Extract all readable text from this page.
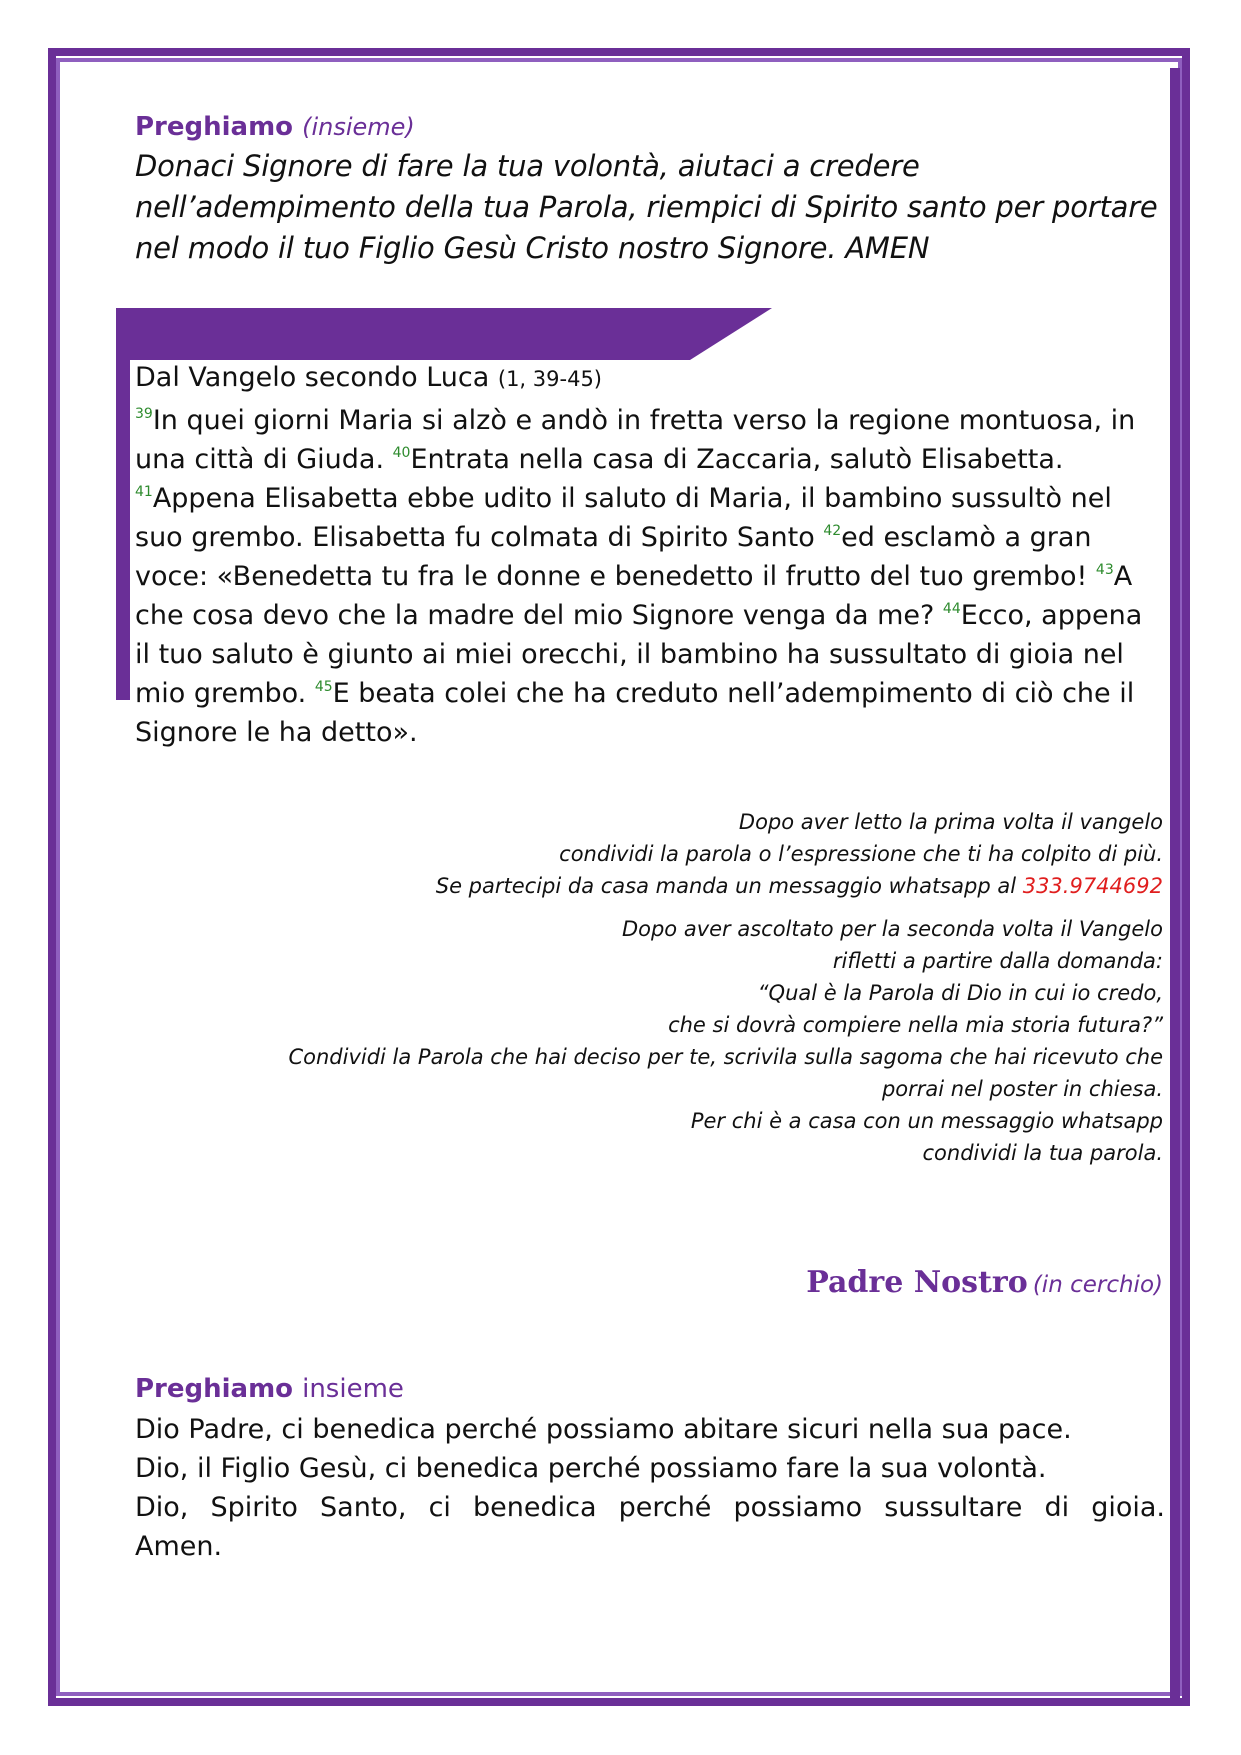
Preghiamo (insieme)
Donaci Signore di fare la tua volontà, aiutaci a credere nell’adempimento della tua Parola, riempici di Spirito santo per portare nel modo il tuo Figlio Gesù Cristo nostro Signore. AMEN
Dal Vangelo secondo Luca (1, 39-45)
$^{39}$In quei giorni Maria si alzò e andò in fretta verso la regione montuosa, in una città di Giuda. $^{40}$Entrata nella casa di Zaccaria, salutò Elisabetta. $^{41}$Appena Elisabetta ebbe udito il saluto di Maria, il bambino sussultò nel suo grembo. Elisabetta fu colmata di Spirito Santo $^{42}$ed esclamò a gran voce: «Benedetta tu fra le donne e benedetto il frutto del tuo grembo! $^{43}$A che cosa devo che la madre del mio Signore venga da me? $^{44}$Ecco, appena il tuo saluto è giunto ai miei orecchi, il bambino ha sussultato di gioia nel mio grembo. $^{45}$E beata colei che ha creduto nell’adempimento di ciò che il Signore le ha detto».
Dopo aver letto la prima volta il vangelo
condividi la parola o l’espressione che ti ha colpito di più.
Se partecipi da casa manda un messaggio whatsapp al 333.9744692
Dopo aver ascoltato per la seconda volta il Vangelo
rifletti a partire dalla domanda:
“Qual è la Parola di Dio in cui io credo,
che si dovrà compiere nella mia storia futura?”
Condividi la Parola che hai deciso per te, scrivila sulla sagoma che hai ricevuto che
porrai nel poster in chiesa.
Per chi è a casa con un messaggio whatsapp
condividi la tua parola.
Padre Nostro (in cerchio)
Preghiamo insieme
Dio Padre, ci benedica perché possiamo abitare sicuri nella sua pace.
Dio, il Figlio Gesù, ci benedica perché possiamo fare la sua volontà.
Dio, Spirito Santo, ci benedica perché possiamo sussultare di gioia.
Amen.
